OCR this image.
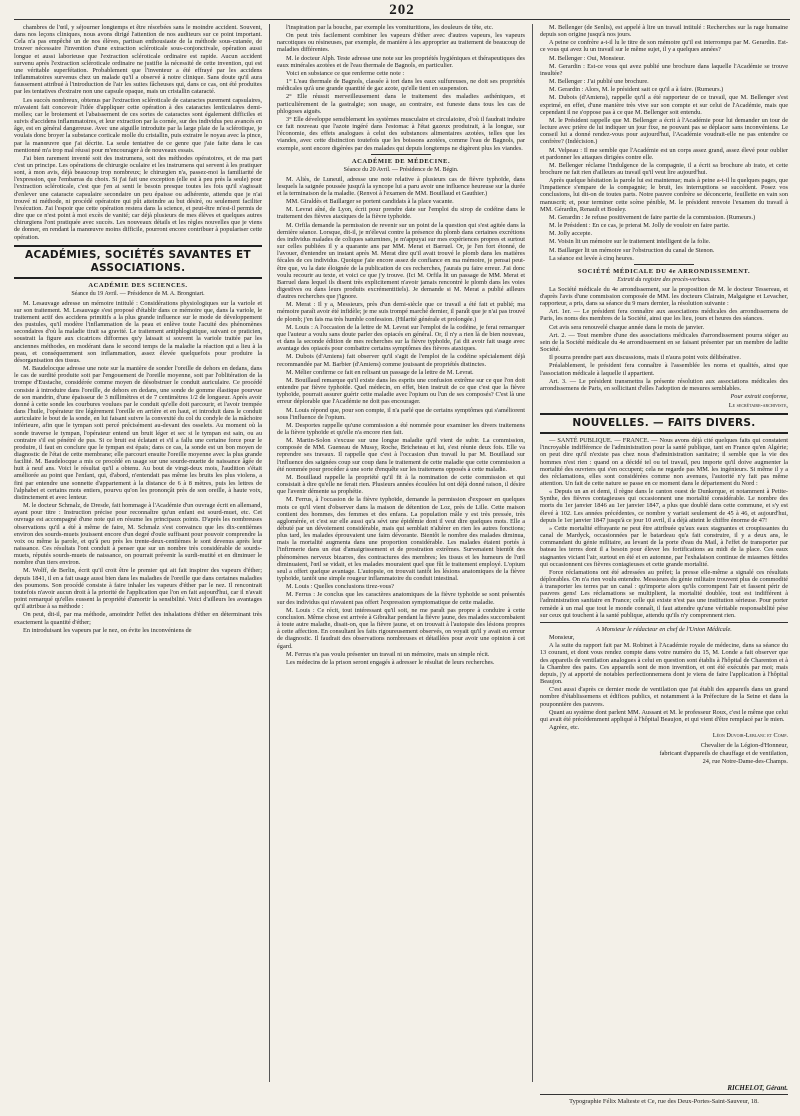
202

chambres de l'œil, y séjourner longtemps et être résorbées sans le moindre accident. Souvent, dans nos leçons cliniques, nous avons dirigé l'attention de nos auditeurs sur ce point important. Cela n'a pas empêché un de nos élèves, partisan enthousiaste de la méthode sous-cutanée, de trouver nécessaire l'invention d'une extraction scléroticale sous-conjonctivale, opération aussi longue et aussi laborieuse que l'extraction scléroticale ordinaire est rapide. Aucun accident survenu après l'extraction scléroticale ordinaire ne justifie la nécessité de cette invention, qui est une véritable superfétation. Probablement que l'inventeur a été effrayé par les accidens inflammatoires survenus chez un malade qu'il a observé à notre clinique. Sans doute qu'il aura faussement attribué à l'introduction de l'air les suites fâcheuses qui, dans ce cas, ont été produites par les tentatives d'extraire non une capsule opaque, mais un cristallin cataracté.

Les succès nombreux, obtenus par l'extraction scléroticale de cataractes purement capsulaires, m'avaient fait concevoir l'idée d'appliquer cette opération à des cataractes lenticulaires demi-molles; car le broiement et l'abaissement de ces sortes de cataractes sont également difficiles et suivis d'accidens inflammatoires, et leur extraction par la cornée, sur des individus peu avancés en âge, est en général dangereuse. Avec une aiguille introduite par la large plaie de la sclérotique, je voulais donc broyer la substance corticale molle du cristallin, puis extraire le noyau avec la pince, par la manœuvre que j'ai décrite. La seule tentative de ce genre que j'aie faite dans le cas mentionné m'a trop mal réussi pour m'encourager à de nouveaux essais.

J'ai bien rarement inventé soit des instrumens, soit des méthodes opératoires, et de ma part c'est un principe. Les opérations de chirurgie oculaire et les instrumens qui servent à les pratiquer sont, à mon avis, déjà beaucoup trop nombreux; le chirurgien n'a, passez-moi la familiarité de l'expression, que l'embarras du choix. Si j'ai fait une exception (elle est à peu près la seule) pour l'extraction scléroticale, c'est que j'en ai senti le besoin presque toutes les fois qu'il s'agissait d'enlever une cataracte capsulaire secondaire un peu épaisse ou adhérente, attendu que je n'ai trouvé ni méthode, ni procédé opératoire qui pût atteindre au but désiré, ou seulement faciliter l'exécution. J'ai l'espoir que cette opération restera dans la science, et peut-être m'est-il permis de dire que ce n'est point à moi excès de vanité; car déjà plusieurs de mes élèves et quelques autres chirurgiens l'ont pratiquée avec succès. Les nouveaux détails et les règles nouvelles que je viens de donner, en rendant la manœuvre moins difficile, pourront encore contribuer à populariser cette opération.

ACADÉMIES, SOCIÉTÉS SAVANTES ET ASSOCIATIONS.
ACADÉMIE DES SCIENCES.
Séance du 19 Avril. — Présidence de M. A. Brongniart.

M. Lesauvage adresse un mémoire intitulé : Considérations physiologiques sur la variole et sur son traitement. M. Lesauvage s'est proposé d'établir dans ce mémoire que, dans la variole, le traitement actif des accidens primitifs a la plus grande influence sur le mode de développement des pustules, qu'il modère l'inflammation de la peau et enlève toute l'acuité des phénomènes secondaires d'où la maladie tirait sa gravité. Le traitement antiphlogistique, suivant ce praticien, soustrait la figure aux cicatrices difformes qu'y laissait si souvent la variole traitée par les anciennes méthodes, en modérant dans le second temps de la maladie la réaction qui a lieu à la peau, et conséquemment son inflammation, assez élevée quelquefois pour produire la désorganisation des tissus.

M. Baudelocque adresse une note sur la manière de sonder l'oreille de dehors en dedans, dans le cas de surdité produite soit par l'engouement de l'oreille moyenne, soit par l'oblitération de la trompe d'Eustache, considérée comme moyen de désobstruer le conduit auriculaire. Ce procédé consiste à introduire dans l'oreille, de dehors en dedans, une sonde de gomme élastique pourvue de son mandrin, d'une épaisseur de 3 millimètres et de 7 centimètres 1/2 de longueur. Après avoir donné à cette sonde les courbures voulues par le conduit qu'elle doit parcourir, et l'avoir trempée dans l'huile, l'opérateur tire légèrement l'oreille en arrière et en haut, et introduit dans le conduit auriculaire le bout de la sonde, en lui faisant suivre la convexité du col du condyle de la mâchoire inférieure, afin que le tympan soit percé précisément au-devant des osselets. Au moment où la sonde traverse le tympan, l'opérateur entend un bruit léger et sec si le tympan est sain, ou au contraire s'il est pénétré de pus. Si ce bruit est éclatant et s'il a fallu une certaine force pour le produire, il faut en conclure que le tympan est épais; dans ce cas, la sonde est un bon moyen de diagnostic de l'état de cette membrane; elle parcourt ensuite l'oreille moyenne avec la plus grande facilité. M. Baudelocque a mis ce procédé en usage sur une sourde-muette de naissance âgée de huit à neuf ans. Voici le résultat qu'il a obtenu. Au bout de vingt-deux mois, l'audition s'était améliorée au point que l'enfant, qui, d'abord, n'entendait pas même les bruits les plus violens, a fini par entendre une sonnette d'appartement à la distance de 6 à 8 mètres, puis les lettres de l'alphabet et certains mots entiers, pourvu qu'on les prononçât près de son oreille, à haute voix, distinctement et avec lenteur.

M. le docteur Schmalz, de Dresde, fait hommage à l'Académie d'un ouvrage écrit en allemand, ayant pour titre : Instruction précise pour reconnaître qu'un enfant est sourd-muet, etc. Cet ouvrage est accompagné d'une note qui en résume les principaux points. D'après les nombreuses observations qu'il a été à même de faire, M. Schmalz s'est convaincu que les dix-centièmes environ des sourds-muets jouissent encore d'un degré d'ouïe suffisant pour pouvoir comprendre la voix ou même la parole, et qu'à peu près les trente-deux-centièmes le sont devenus après leur naissance. Ces résultats l'ont conduit à penser que sur un nombre très considérable de sourds-muets, réputés sourds-muets de naissance, on pourrait prévenir la surdi-mutité et en diminuer le nombre d'un tiers environ.

M. Wolff, de Berlin, écrit qu'il croit être le premier qui ait fait inspirer des vapeurs d'éther; depuis 1841, il en a fait usage aussi bien dans les maladies de l'oreille que dans certaines maladies des poumons. Son procédé consiste à faire inhaler les vapeurs d'éther par le nez. Il rencontrait toutefois n'avoir aucun droit à la priorité de l'application que l'on en fait aujourd'hui, car il n'avait point remarqué qu'elles eussent la propriété d'amortir la sensibilité. Voici d'ailleurs les avantages qu'il attribue à sa méthode :

On peut, dit-il, par ma méthode, amoindrir l'effet des inhalations d'éther en déterminant très exactement la quantité d'éther;

En introduisant les vapeurs par le nez, on évite les inconvéniens de

l'inspiration par la bouche, par exemple les vomituritions, les douleurs de tête, etc.

On peut très facilement combiner les vapeurs d'éther avec d'autres vapeurs, les vapeurs narcotiques ou résineuses, par exemple, de manière à les approprier au traitement de beaucoup de maladies différentes.

M. le docteur Alph. Teste adresse une note sur les propriétés hygiéniques et thérapeutiques des eaux minérales azotées et de l'eau thermale de Bagnols, en particulier.

Voici en substance ce que renferme cette note :

1° L'eau thermale de Bagnols, classée à tort dans les eaux sulfureuses, ne doit ses propriétés médicales qu'à une grande quantité de gaz azote, qu'elle tient en suspension.

2° Elle réussit merveilleusement dans le traitement des maladies asthéniques, et particulièrement de la gastralgie; son usage, au contraire, est funeste dans tous les cas de phlogoses aiguës.

3° Elle développe sensiblement les systèmes musculaire et circulatoire, d'où il faudrait induire ce fait nouveau que l'azote ingéré dans l'estomac à l'état gazeux produirait, à la longue, sur l'économie, des effets analogues à celui des substances alimentaires azotées, telles que les viandes, avec cette distinction toutefois que les boissons azotées, comme l'eau de Bagnols, par exemple, sont encore digérées par des malades qui depuis longtemps ne digèrent plus les viandes.

ACADÉMIE DE MÉDECINE.
Séance du 20 Avril. — Présidence de M. Bégin.

M. Aliès, de Luneuil, adresse une note relative à plusieurs cas de fièvre typhoïde, dans lesquels la saignée poussée jusqu'à la syncope lui a paru avoir une influence heureuse sur la durée et la terminaison de la maladie. (Renvoi à l'examen de MM. Bouillaud et Gauthier.)

MM. Giraldès et Baillarger se portent candidats à la place vacante.

M. Levrat aîné, de Lyon, écrit pour prendre date sur l'emploi du sirop de codéine dans le traitement des fièvres ataxiques de la fièvre typhoïde.

M. Orfila demande la permission de revenir sur un point de la question qui s'est agitée dans la dernière séance. Lorsque, dit-il, je m'élevai contre la présence du plomb dans certaines excrétions des individus malades de coliques saturnines, je m'appuyai sur mes expériences propres et surtout sur celles publiées il y a quarante ans par MM. Merat et Barruel. Or, je l'en fort étonné, de l'avouer, d'entendre un instant après M. Merat dire qu'il avait trouvé le plomb dans les matières fécales de ces individus. Quoique j'aie encore assez de confiance en ma mémoire, je pensai peut-être que, vu la date éloignée de la publication de ces recherches, j'aurais pu faire erreur. J'ai donc voulu recourir au texte, et voici ce que j'y trouve. (Ici M. Orfila lit un passage de MM. Merat et Barruel dans lequel ils disent très explicitement n'avoir jamais rencontré le plomb dans les voies digestives ou dans leurs produits excrémentitiels). Je demande si M. Merat a publié ailleurs d'autres recherches que j'ignore.

M. Merat : Il y a, Messieurs, près d'un demi-siècle que ce travail a été fait et publié; ma mémoire paraît avoir été infidèle; je me suis trompé marché dernier, il paraît que je n'ai pas trouvé de plomb; j'en fais ma très humble confession. (Hilarité générale et prolongée.)

M. Louis : A l'occasion de la lettre de M. Levrat sur l'emploi de la codéine, je ferai remarquer que l'auteur a voulu sans doute parler des opiacés en général. Or, il n'y a rien là de bien nouveau, et dans la seconde édition de mes recherches sur la fièvre typhoïde, j'ai dit avoir fait usage avec avantage des opiacés pour combattre certains symptômes des fièvres ataxiques.

M. Dubois (d'Amiens) fait observer qu'il s'agit de l'emploi de la codéine spécialement déjà recommandée par M. Barbier (d'Amiens) comme jouissant de propriétés distinctes.

M. Mélier confirme ce fait en relisant un passage de la lettre de M. Levrat.

M. Bouillaud remarque qu'il existe dans les esprits une confusion extrême sur ce que l'on doit entendre par fièvre typhoïde. Quel médecin, en effet, bien instruit de ce que c'est que la fièvre typhoïde, pourrait assurer guérir cette maladie avec l'opium ou l'un de ses composés? C'est là une erreur déplorable que l'Académie ne doit pas encourager.

M. Louis répond que, pour son compte, il n'a parlé que de certains symptômes qui s'améliorent sous l'influence de l'opium.

M. Desportes rappelle qu'une commission a été nommée pour examiner les divers traitemens de la fièvre typhoïde et qu'elle n'a encore rien fait.

M. Martin-Solon s'excuse sur une longue maladie qu'il vient de subir. La commission, composée de MM. Gueneau de Mussy, Roche, Bricheteau et lui, s'est réunie deux fois. Elle va reprendre ses travaux. Il rappelle que c'est à l'occasion d'un travail lu par M. Bouillaud sur l'influence des saignées coup sur coup dans le traitement de cette maladie que cette commission a été nommée pour procéder à une sorte d'enquête sur les traitemens opposés à cette maladie.

M. Bouillaud rappelle la propriété qu'il fit à la nomination de cette commission et qui consistait à dire qu'elle ne ferait rien. Plusieurs années écoulées lui ont déjà donné raison, il désire que l'avenir démente sa prophétie.

M. Ferrus, à l'occasion de la fièvre typhoïde, demande la permission d'exposer en quelques mots ce qu'il vient d'observer dans la maison de détention de Loz, près de Lille. Cette maison contient des hommes, des femmes et des enfans. La population mâle y est très pressée, très agglomérée, et c'est sur elle aussi qu'a sévi une épidémie dont il veut dire quelques mots. Elle a débuté par un dévoiement considérable, mais qui semblait n'altérer en rien les autres fonctions; plus tard, les malades éprouvaient une faim dévorante. Bientôt le nombre des malades diminua, mais la mortalité augmenta dans une proportion considérable. Les malades étaient portés à l'infirmerie dans un état d'amaigrissement et de prostration extrêmes. Survenaient bientôt des phénomènes nerveux bizarres, des contractures des membres; les tissus et les humeurs de l'œil diminuaient, l'œil se vidait, et les malades mouraient quel que fût le traitement employé. L'opium seul a offert quelque avantage. L'autopsie, on trouvait tantôt les lésions anatomiques de la fièvre typhoïde, tantôt une simple rougeur inflammatoire du conduit intestinal.

M. Louis : Quelles conclusions tirez-vous?

M. Ferrus : Je conclus que les caractères anatomiques de la fièvre typhoïde se sont présentés sur des individus qui n'avaient pas offert l'expression symptomatique de cette maladie.

M. Louis : Ce récit, tout intéressant qu'il soit, ne me paraît pas propre à conduire à cette conclusion. Même chose est arrivée à Gibraltar pendant la fièvre jaune, des malades succombaient à toute autre maladie, disait-on, que la fièvre jaune, et on trouvait à l'autopsie des lésions propres à cette affection. En consultant les faits rigoureusement observés, on voyait qu'il y avait eu erreur de diagnostic. Il faudrait des observations nombreuses et détaillées pour avoir une opinion à cet égard.

M. Ferrus n'a pas voulu présenter un travail ni un mémoire, mais un simple récit.

Les médecins de la prison seront engagés à adresser le résultat de leurs recherches.

M. Bellenger (de Senlis), est appelé à lire un travail intitulé : Recherches sur la rage humaine depuis son origine jusqu'à nos jours.

A peine ce confrère a-t-il lu le titre de son mémoire qu'il est interrompu par M. Gerardin. Est-ce vous qui avez lu un travail sur le même sujet, il y a quelques années?

M. Bellenger : Oui, Monsieur.

M. Gerardin : Est-ce vous qui avez publié une brochure dans laquelle l'Académie se trouve insultée?

M. Bellenger : J'ai publié une brochure.

M. Gerardin : Alors, M. le président sait ce qu'il a à faire. (Rumeurs.)

M. Dubois (d'Amiens), rappelle qu'il a été rapporteur de ce travail, que M. Bellenger s'est exprimé, en effet, d'une manière très vive sur son compte et sur celui de l'Académie, mais que cependant il ne s'oppose pas à ce que M. Bellenger soit entendu.

M. le Président rappelle que M. Bellenger a écrit à l'Académie pour lui demander un tour de lecture avec prière de lui indiquer un jour fixe, ne pouvant pas se déplacer sans inconvéniens. Le conseil lui a donné rendez-vous pour aujourd'hui, l'Académie voudrait-elle ne pas entendre ce confrère? (Indécision.)

M. Velpeau : Il me semble que l'Académie est un corps assez grand, assez élevé pour oublier et pardonner les attaques dirigées contre elle.

M. Bellenger réclame l'indulgence de la compagnie, il a écrit sa brochure ab irato, et cette brochure ne fait rien d'ailleurs au travail qu'il veut lire aujourd'hui.

Après quelque hésitation la parole lui est maintenue; mais à peine a-t-il lu quelques pages, que l'impatience s'empare de la compagnie; le bruit, les interruptions se succèdent. Posez vos conclusions, lui dit-on de toutes parts. Notre pauvre confrère se déconcerte, feuillette en vain son manuscrit; et, pour terminer cette scène pénible, M. le président renvoie l'examen du travail à MM. Gérardin, Renault et Bouley.

M. Gerardin : Je refuse positivement de faire partie de la commission. (Rumeurs.)

M. le Président : En ce cas, je prierai M. Jolly de vouloir en faire partie.

M. Jolly accepte.

M. Voisin lit un mémoire sur le traitement intelligent de la folie.

M. Baillarger lit un mémoire sur l'obstruction du canal de Stenon.

La séance est levée à cinq heures.

SOCIÉTÉ MÉDICALE DU 4e ARRONDISSEMENT.
Extrait du registre des procès-verbaux.

La Société médicale du 4e arrondissement, sur la proposition de M. le docteur Tessereau, et d'après l'avis d'une commission composée de MM. les docteurs Clairain, Malgaigne et Levacher, rapporteur, a pris, dans sa séance du 9 mars dernier, la résolution suivante :

Art. 1er. — Le président fera connaître aux associations médicales des arrondissemens de Paris, les noms des membres de la Société, ainsi que les lieu, jours et heures des séances.

Cet avis sera renouvelé chaque année dans le mois de janvier.

Art. 2. — Tout membre d'une des associations médicales d'arrondissement pourra siéger au sein de la Société médicale du 4e arrondissement en se faisant présenter par un membre de ladite Société.

Il pourra prendre part aux discussions, mais il n'aura point voix délibérative.

Préalablement, le président fera connaître à l'assemblée les noms et qualités, ainsi que l'association médicale à laquelle il appartient.

Art. 3. — Le président transmettra la présente résolution aux associations médicales des arrondissemens de Paris, en sollicitant d'elles l'adoption de mesures semblables.

Pour extrait conforme,
Le secrétaire-archiviste,
NOUVELLES. — FAITS DIVERS.

— SANTÉ PUBLIQUE. — FRANCE. — Nous avons déjà cité quelques faits qui constatent l'incroyable indifférence de l'administration pour la santé publique, tant en France qu'en Algérie; on peut dire qu'il n'existe pas chez nous d'administration sanitaire; il semble que la vie des hommes n'est rien : quand on a décidé tel ou tel travail, peu importe qu'il doive augmenter la mortalité des ouvriers qui s'en occupent; cela ne regarde pas MM. les ingénieurs. Si même il y a des réclamations, elles sont considérées comme non avenues, l'autorité n'y fait pas même attention. Un fait de cette nature se passe en ce moment dans le département du Nord :

« Depuis un an et demi, il règne dans le canton ouest de Dunkerque, et notamment à Petite-Synthe, des fièvres contagieuses qui occasionnent une mortalité considérable. Le nombre des morts du 1er janvier 1846 au 1er janvier 1847, a plus que doublé dans cette commune, et s'y est élevé à 102. Les années précédentes, ce nombre y variait seulement de 45 à 46, et aujourd'hui, depuis le 1er janvier 1847 jusqu'à ce jour 10 avril, il a déjà atteint le chiffre énorme de 47!

» Cette mortalité effrayante ne peut être attribuée qu'aux eaux stagnantes et croupissantes du canal de Mardyck, occasionnées par le batardeau qu'a fait construire, il y a deux ans, le commandant du génie militaire, au levant de la porte d'eau du Mail, à l'effet de transporter par bateau les terres dont il a besoin pour élever les fortifications au midi de la place. Ces eaux stagnantes viciant l'air, surtout en été et en automne, par l'exhalaison continue de miasmes fétides qui occasionnent ces fièvres contagieuses et cette grande mortalité.

Force réclamations ont été adressées au préfet; la presse elle-même a signalé ces résultats déplorables. On n'a rien voulu entendre. Messieurs du génie militaire trouvent plus de commodité à transporter les terres par un canal : qu'importe alors qu'ils corrompent l'air et fassent périr de pauvres gens! Les réclamations se multiplient, la mortalité doublée, tout est indifférent à l'administration sanitaire en France; celle qui existe n'est pas une institution sérieuse. Pour porter remède à un mal que tout le monde connaît, il faut attendre qu'une véritable responsabilité pèse sur ceux qui touchent à la santé publique, attendu qu'ils n'y comprennent rien.

A Monsieur le rédacteur en chef de l'Union Médicale.

Monsieur,

A la suite du rapport fait par M. Robinet à l'Académie royale de médecine, dans sa séance du 13 courant, et dont vous rendez compte dans votre numéro du 15, M. Londe a fait observer que des appareils de ventilation analogues à celui en question sont établis à l'hôpital de Charenton et à la Chambre des pairs. Ces appareils sont de mon invention, et ont été exécutés par moi; mais depuis, j'y ai apporté de notables perfectionnemens dont je viens de faire l'application à l'hôpital Beaujon.

C'est aussi d'après ce dernier mode de ventilation que j'ai établi des appareils dans un grand nombre d'établissemens et édifices publics, et notamment à la Préfecture de la Seine et dans la pouponnière des pauvres.

Quant au système dont parlent MM. Aussant et M. le professeur Roux, c'est le même que celui qui avait été précédemment appliqué à l'hôpital Beaujon, et qui vient d'être remplacé par le mien.

Agréez, etc.

Léon Duvoir-Leblanc et Comp.
Chevalier de la Légion-d'Honneur,
fabricant d'appareils de chauffage et de ventilation,
24, rue Notre-Dame-des-Champs.
RICHELOT, Gérant.
Typographie Félix Malteste et Ce, rue des Deux-Portes-Saint-Sauveur, 18.
